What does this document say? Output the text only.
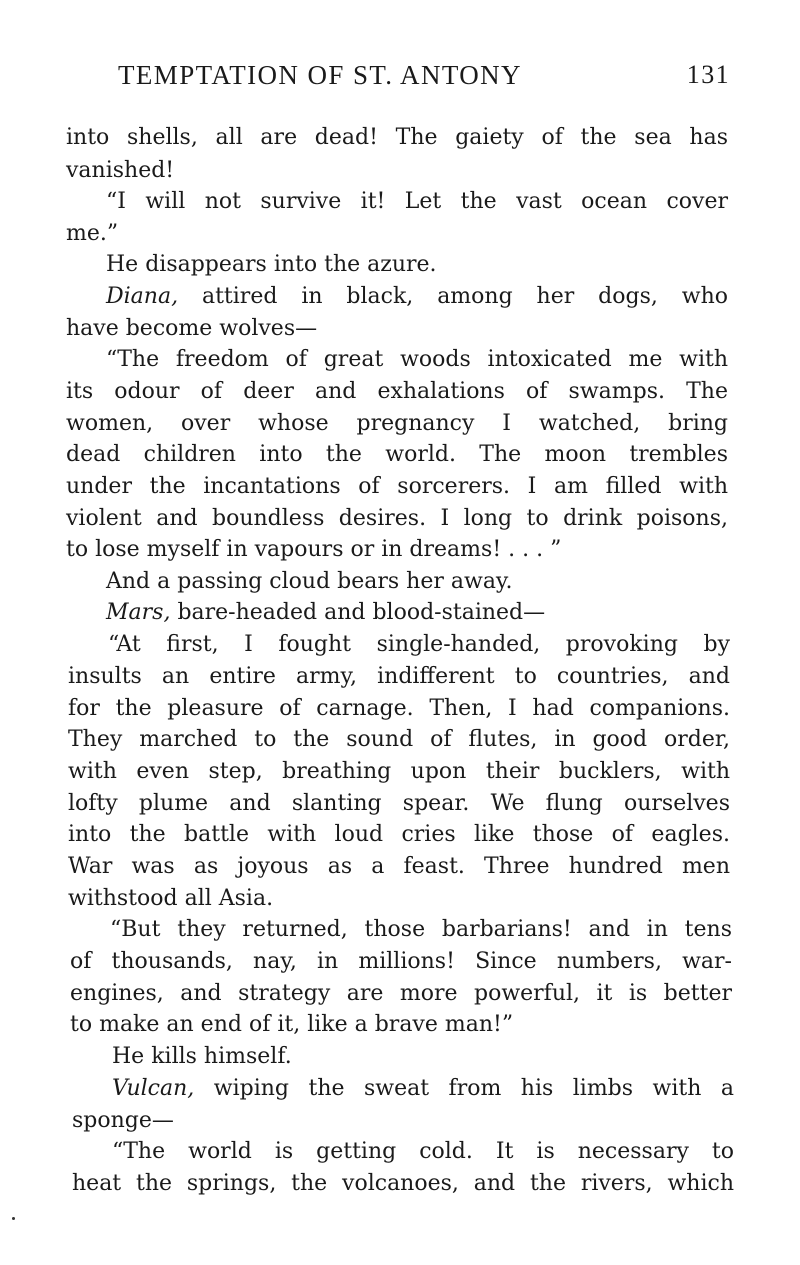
TEMPTATION OF ST. ANTONY	131
into shells, all are dead! The gaiety of the sea has
vanished!
“I will not survive it! Let the vast ocean cover
me.”
He disappears into the azure.
Diana, attired in black, among her dogs, who
have become wolves—
“The freedom of great woods intoxicated me with
its odour of deer and exhalations of swamps. The
women, over whose pregnancy I watched, bring
dead children into the world. The moon trembles
under the incantations of sorcerers. I am filled with
violent and boundless desires. I long to drink poisons,
to lose myself in vapours or in dreams! . . . ”
And a passing cloud bears her away.
Mars, bare-headed and blood-stained—
“At first, I fought single-handed, provoking by
insults an entire army, indifferent to countries, and
for the pleasure of carnage. Then, I had companions.
They marched to the sound of flutes, in good order,
with even step, breathing upon their bucklers, with
lofty plume and slanting spear. We flung ourselves
into the battle with loud cries like those of eagles.
War was as joyous as a feast. Three hundred men
withstood all Asia.
“But they returned, those barbarians! and in tens
of thousands, nay, in millions! Since numbers, war-
engines, and strategy are more powerful, it is better
to make an end of it, like a brave man!”
He kills himself.
Vulcan, wiping the sweat from his limbs with a
sponge—
“The world is getting cold. It is necessary to
heat the springs, the volcanoes, and the rivers, which
